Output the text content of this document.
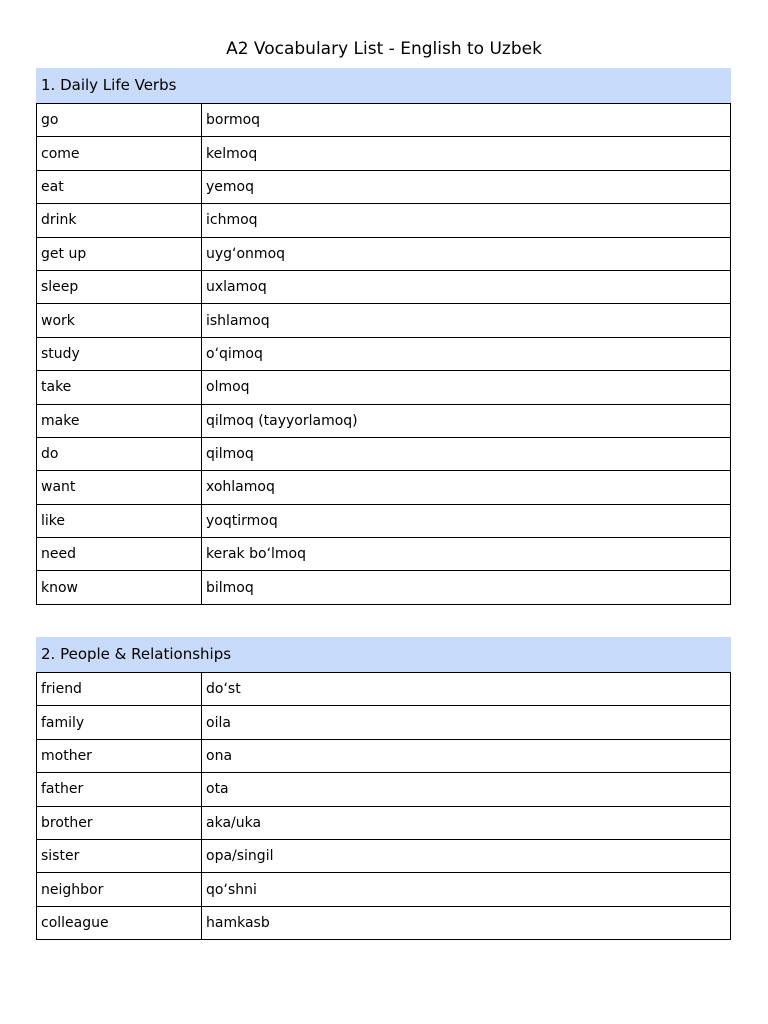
A2 Vocabulary List - English to Uzbek
1. Daily Life Verbs
go	bormoq
come	kelmoq
eat	yemoq
drink	ichmoq
get up	uyg‘onmoq
sleep	uxlamoq
work	ishlamoq
study	o‘qimoq
take	olmoq
make	qilmoq (tayyorlamoq)
do	qilmoq
want	xohlamoq
like	yoqtirmoq
need	kerak bo‘lmoq
know	bilmoq
2. People & Relationships
friend	do‘st
family	oila
mother	ona
father	ota
brother	aka/uka
sister	opa/singil
neighbor	qo‘shni
colleague	hamkasb
